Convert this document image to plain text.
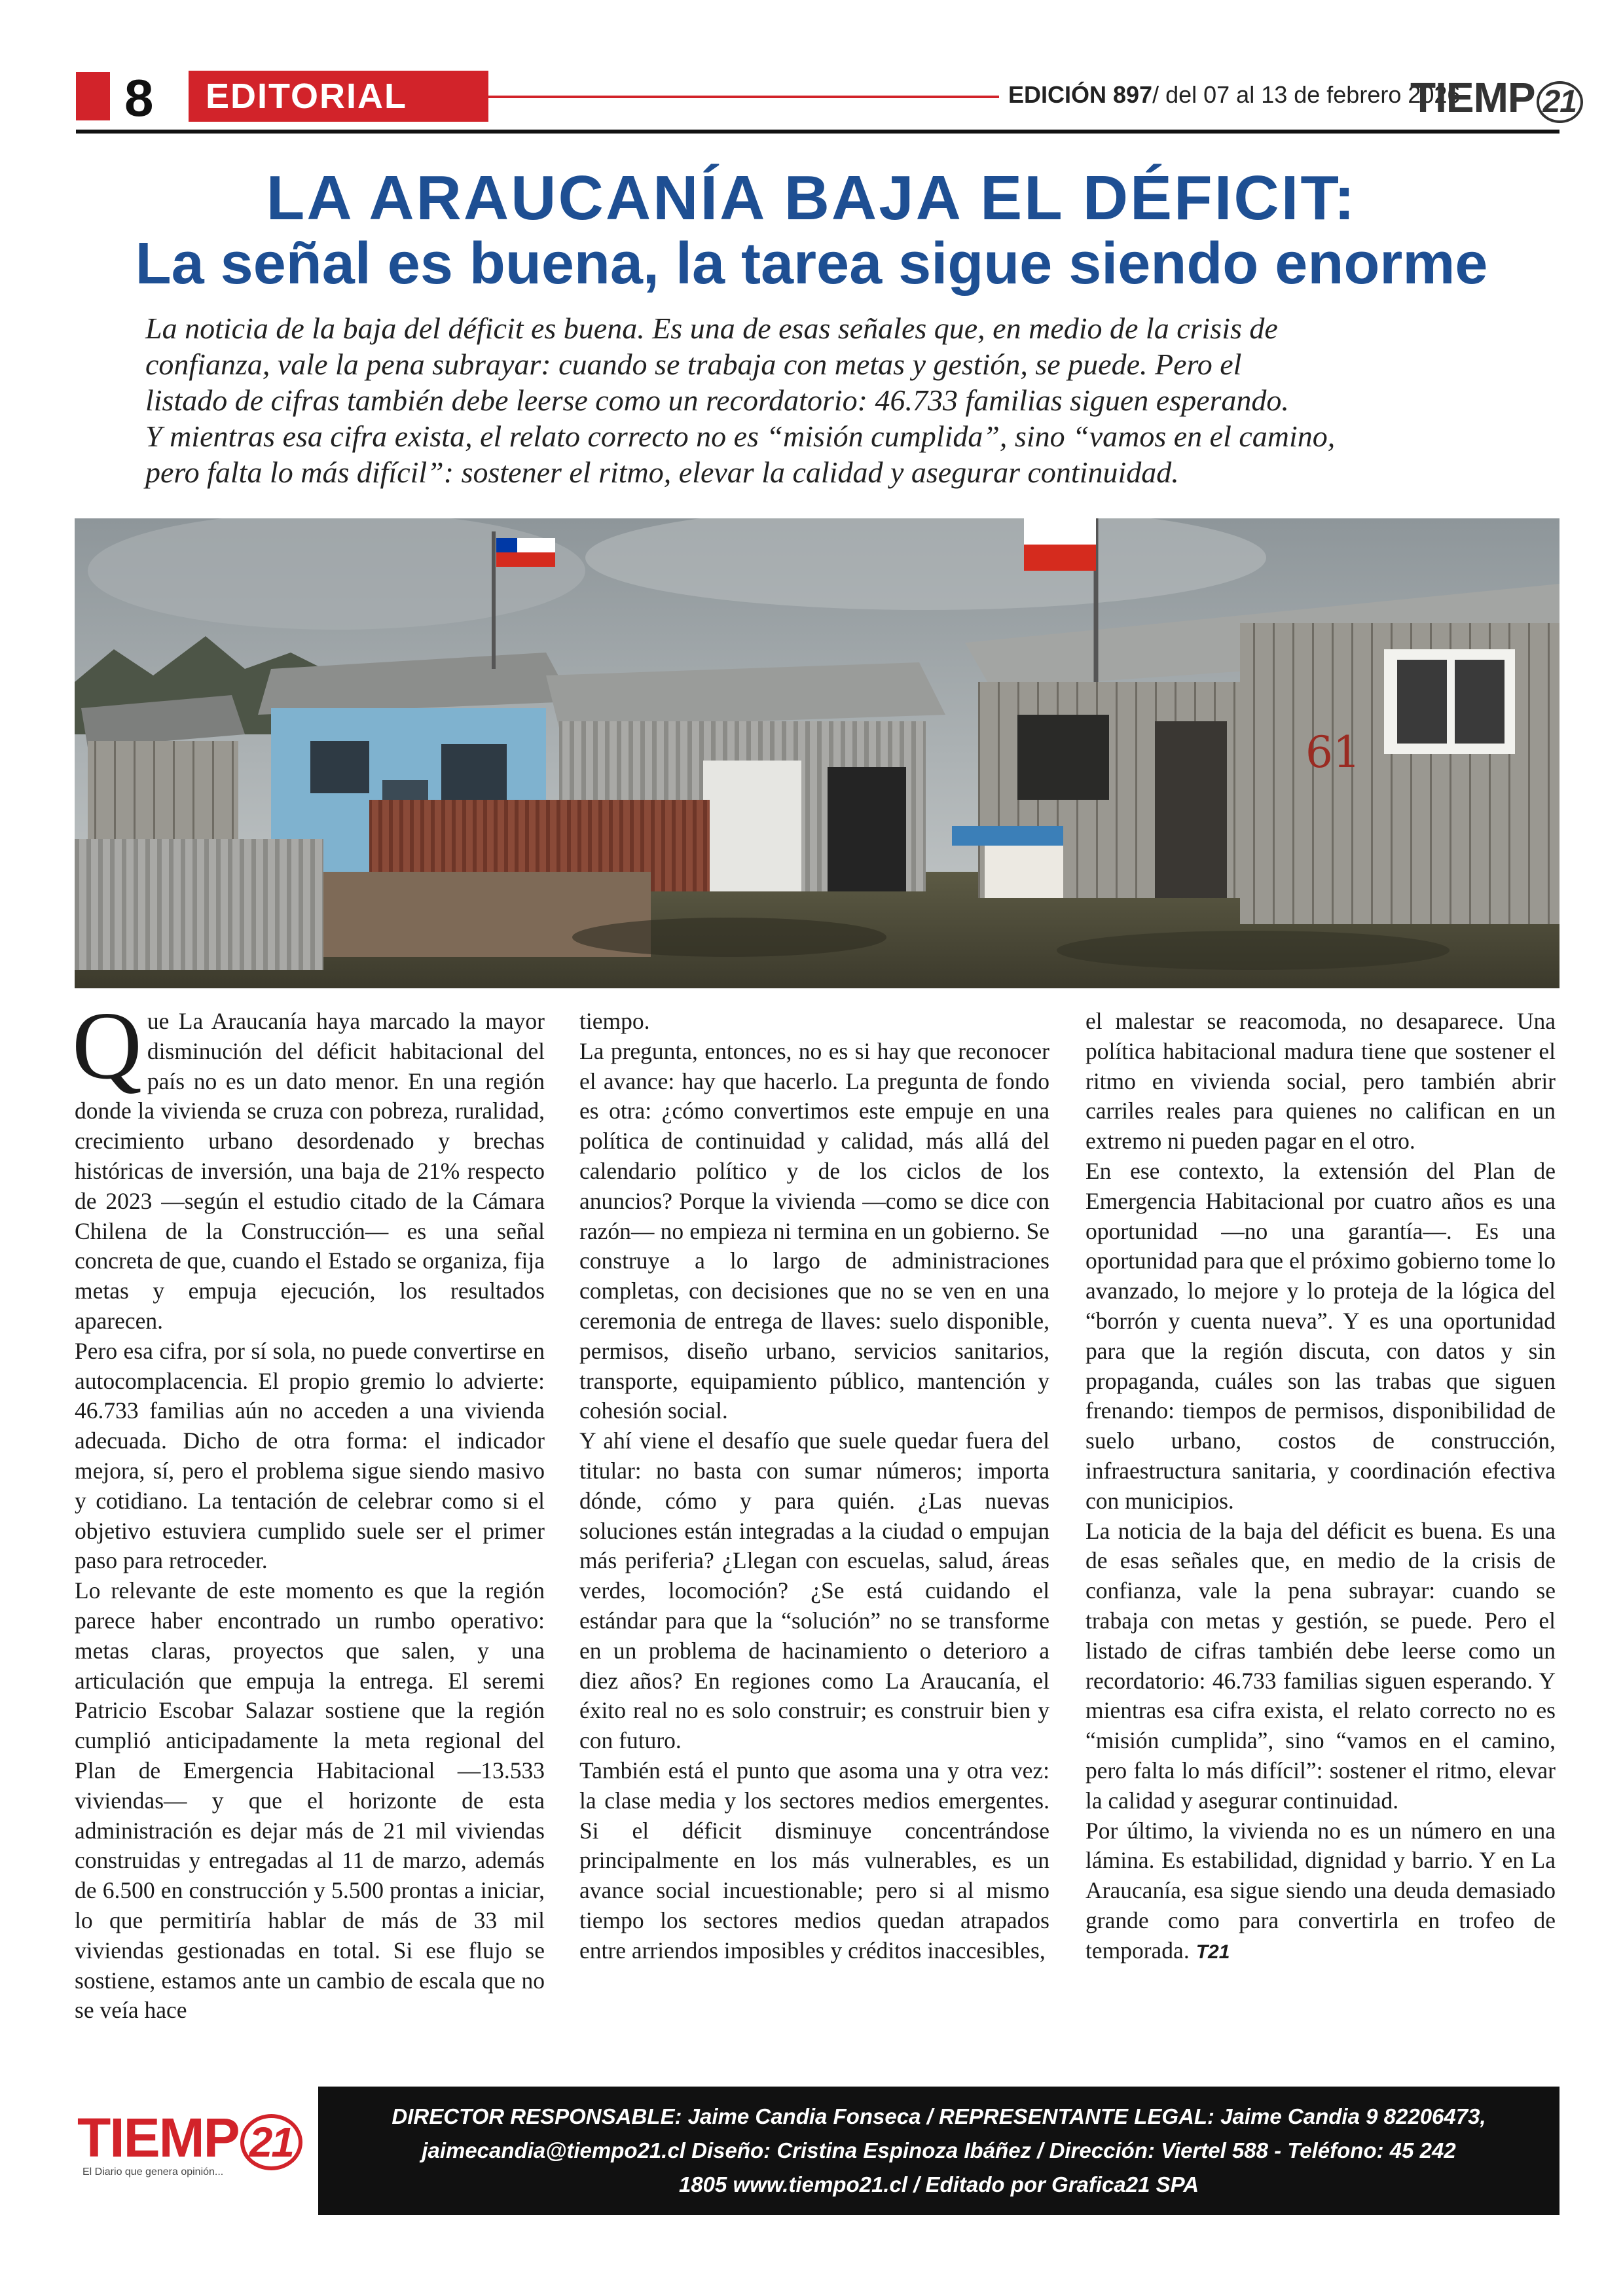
8	EDITORIAL	EDICIÓN 897/ del 07 al 13 de febrero 2026
TIEMP 21
LA ARAUCANÍA BAJA EL DÉFICIT:
La señal es buena, la tarea sigue siendo enorme

La noticia de la baja del déficit es buena. Es una de esas señales que, en medio de la crisis de

confianza, vale la pena subrayar: cuando se trabaja con metas y gestión, se puede. Pero el

listado de cifras también debe leerse como un recordatorio: 46.733 familias siguen esperando.

Y mientras esa cifra exista, el relato correcto no es “misión cumplida”, sino “vamos en el camino,

pero falta lo más difícil”: sostener el ritmo, elevar la calidad y asegurar continuidad.

61

Que La Araucanía haya marcado la mayor disminución del déficit habitacional del país no es un dato menor. En una región donde la vivienda se cruza con pobreza, ruralidad, crecimiento urbano desordenado y brechas históricas de inversión, una baja de 21% respecto de 2023 —según el estudio citado de la Cámara Chilena de la Construcción— es una señal concreta de que, cuando el Estado se organiza, fija metas y empuja ejecución, los resultados aparecen.

Pero esa cifra, por sí sola, no puede convertirse en autocomplacencia. El propio gremio lo advierte: 46.733 familias aún no acceden a una vivienda adecuada. Dicho de otra forma: el indicador mejora, sí, pero el problema sigue siendo masivo y cotidiano. La tentación de celebrar como si el objetivo estuviera cumplido suele ser el primer paso para retroceder.

Lo relevante de este momento es que la región parece haber encontrado un rumbo operativo: metas claras, proyectos que salen, y una articulación que empuja la entrega. El seremi Patricio Escobar Salazar sostiene que la región cumplió anticipadamente la meta regional del Plan de Emergencia Habitacional —13.533 viviendas— y que el horizonte de esta administración es dejar más de 21 mil viviendas construidas y entregadas al 11 de marzo, además de 6.500 en construcción y 5.500 prontas a iniciar, lo que permitiría hablar de más de 33 mil viviendas gestionadas en total. Si ese flujo se sostiene, estamos ante un cambio de escala que no se veía hace

tiempo.

La pregunta, entonces, no es si hay que reconocer el avance: hay que hacerlo. La pregunta de fondo es otra: ¿cómo convertimos este empuje en una política de continuidad y calidad, más allá del calendario político y de los ciclos de los anuncios? Porque la vivienda —como se dice con razón— no empieza ni termina en un gobierno. Se construye a lo largo de administraciones completas, con decisiones que no se ven en una ceremonia de entrega de llaves: suelo disponible, permisos, diseño urbano, servicios sanitarios, transporte, equipamiento público, mantención y cohesión social.

Y ahí viene el desafío que suele quedar fuera del titular: no basta con sumar números; importa dónde, cómo y para quién. ¿Las nuevas soluciones están integradas a la ciudad o empujan más periferia? ¿Llegan con escuelas, salud, áreas verdes, locomoción? ¿Se está cuidando el estándar para que la “solución” no se transforme en un problema de hacinamiento o deterioro a diez años? En regiones como La Araucanía, el éxito real no es solo construir; es construir bien y con futuro.

También está el punto que asoma una y otra vez: la clase media y los sectores medios emergentes. Si el déficit disminuye concentrándose principalmente en los más vulnerables, es un avance social incuestionable; pero si al mismo tiempo los sectores medios quedan atrapados entre arriendos imposibles y créditos inaccesibles,

el malestar se reacomoda, no desaparece. Una política habitacional madura tiene que sostener el ritmo en vivienda social, pero también abrir carriles reales para quienes no califican en un extremo ni pueden pagar en el otro.

En ese contexto, la extensión del Plan de Emergencia Habitacional por cuatro años es una oportunidad —no una garantía—. Es una oportunidad para que el próximo gobierno tome lo avanzado, lo mejore y lo proteja de la lógica del “borrón y cuenta nueva”. Y es una oportunidad para que la región discuta, con datos y sin propaganda, cuáles son las trabas que siguen frenando: tiempos de permisos, disponibilidad de suelo urbano, costos de construcción, infraestructura sanitaria, y coordinación efectiva con municipios.

La noticia de la baja del déficit es buena. Es una de esas señales que, en medio de la crisis de confianza, vale la pena subrayar: cuando se trabaja con metas y gestión, se puede. Pero el listado de cifras también debe leerse como un recordatorio: 46.733 familias siguen esperando. Y mientras esa cifra exista, el relato correcto no es “misión cumplida”, sino “vamos en el camino, pero falta lo más difícil”: sostener el ritmo, elevar la calidad y asegurar continuidad.

Por último, la vivienda no es un número en una lámina. Es estabilidad, dignidad y barrio. Y en La Araucanía, esa sigue siendo una deuda demasiado grande como para convertirla en trofeo de temporada. T21

TIEMP 21
El Diario que genera opinión...

DIRECTOR RESPONSABLE: Jaime Candia Fonseca / REPRESENTANTE LEGAL: Jaime Candia 9 82206473,

jaimecandia@tiempo21.cl Diseño: Cristina Espinoza Ibáñez / Dirección: Viertel 588 - Teléfono: 45 242

1805 www.tiempo21.cl / Editado por Grafica21 SPA
